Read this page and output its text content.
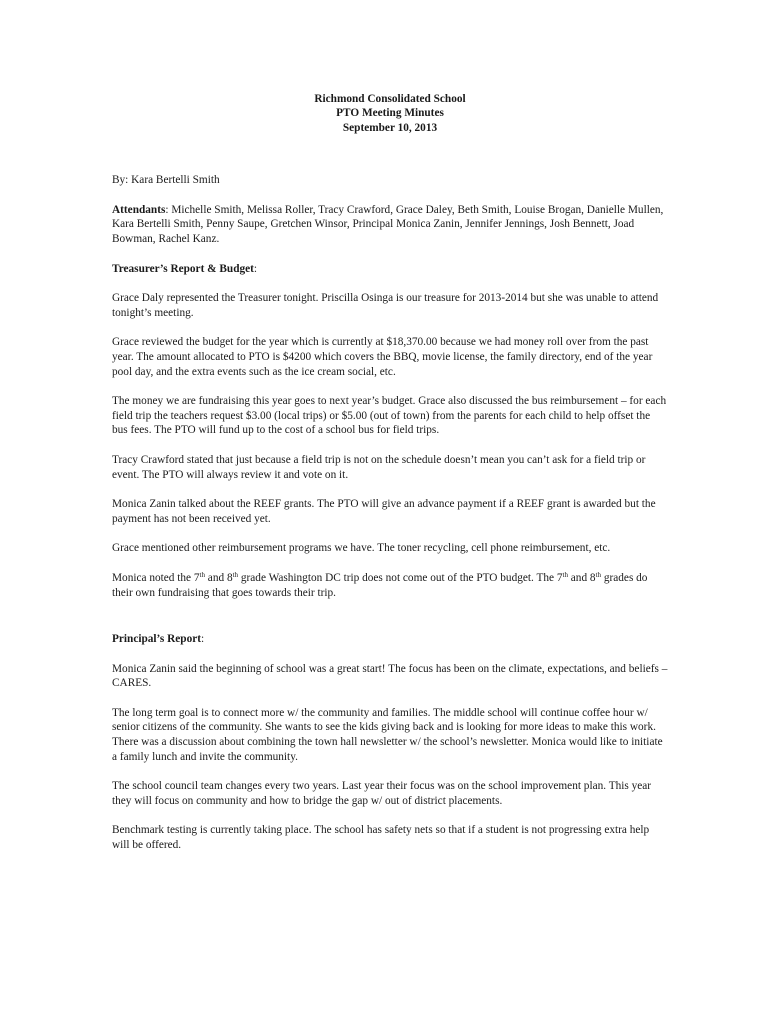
Richmond Consolidated School
PTO Meeting Minutes
September 10, 2013

By: Kara Bertelli Smith

Attendants: Michelle Smith, Melissa Roller, Tracy Crawford, Grace Daley, Beth Smith, Louise Brogan, Danielle Mullen, Kara Bertelli Smith, Penny Saupe, Gretchen Winsor, Principal Monica Zanin, Jennifer Jennings, Josh Bennett, Joad Bowman, Rachel Kanz.

Treasurer’s Report & Budget:

Grace Daly represented the Treasurer tonight. Priscilla Osinga is our treasure for 2013-2014 but she was unable to attend tonight’s meeting.

Grace reviewed the budget for the year which is currently at $18,370.00 because we had money roll over from the past year. The amount allocated to PTO is $4200 which covers the BBQ, movie license, the family directory, end of the year pool day, and the extra events such as the ice cream social, etc.

The money we are fundraising this year goes to next year’s budget. Grace also discussed the bus reimbursement – for each field trip the teachers request $3.00 (local trips) or $5.00 (out of town) from the parents for each child to help offset the bus fees. The PTO will fund up to the cost of a school bus for field trips.

Tracy Crawford stated that just because a field trip is not on the schedule doesn’t mean you can’t ask for a field trip or event. The PTO will always review it and vote on it.

Monica Zanin talked about the REEF grants. The PTO will give an advance payment if a REEF grant is awarded but the payment has not been received yet.

Grace mentioned other reimbursement programs we have. The toner recycling, cell phone reimbursement, etc.

Monica noted the 7th and 8th grade Washington DC trip does not come out of the PTO budget. The 7th and 8th grades do their own fundraising that goes towards their trip.

Principal’s Report:

Monica Zanin said the beginning of school was a great start! The focus has been on the climate, expectations, and beliefs – CARES.

The long term goal is to connect more w/ the community and families. The middle school will continue coffee hour w/ senior citizens of the community. She wants to see the kids giving back and is looking for more ideas to make this work. There was a discussion about combining the town hall newsletter w/ the school’s newsletter. Monica would like to initiate a family lunch and invite the community.

The school council team changes every two years. Last year their focus was on the school improvement plan. This year they will focus on community and how to bridge the gap w/ out of district placements.

Benchmark testing is currently taking place. The school has safety nets so that if a student is not progressing extra help will be offered.
